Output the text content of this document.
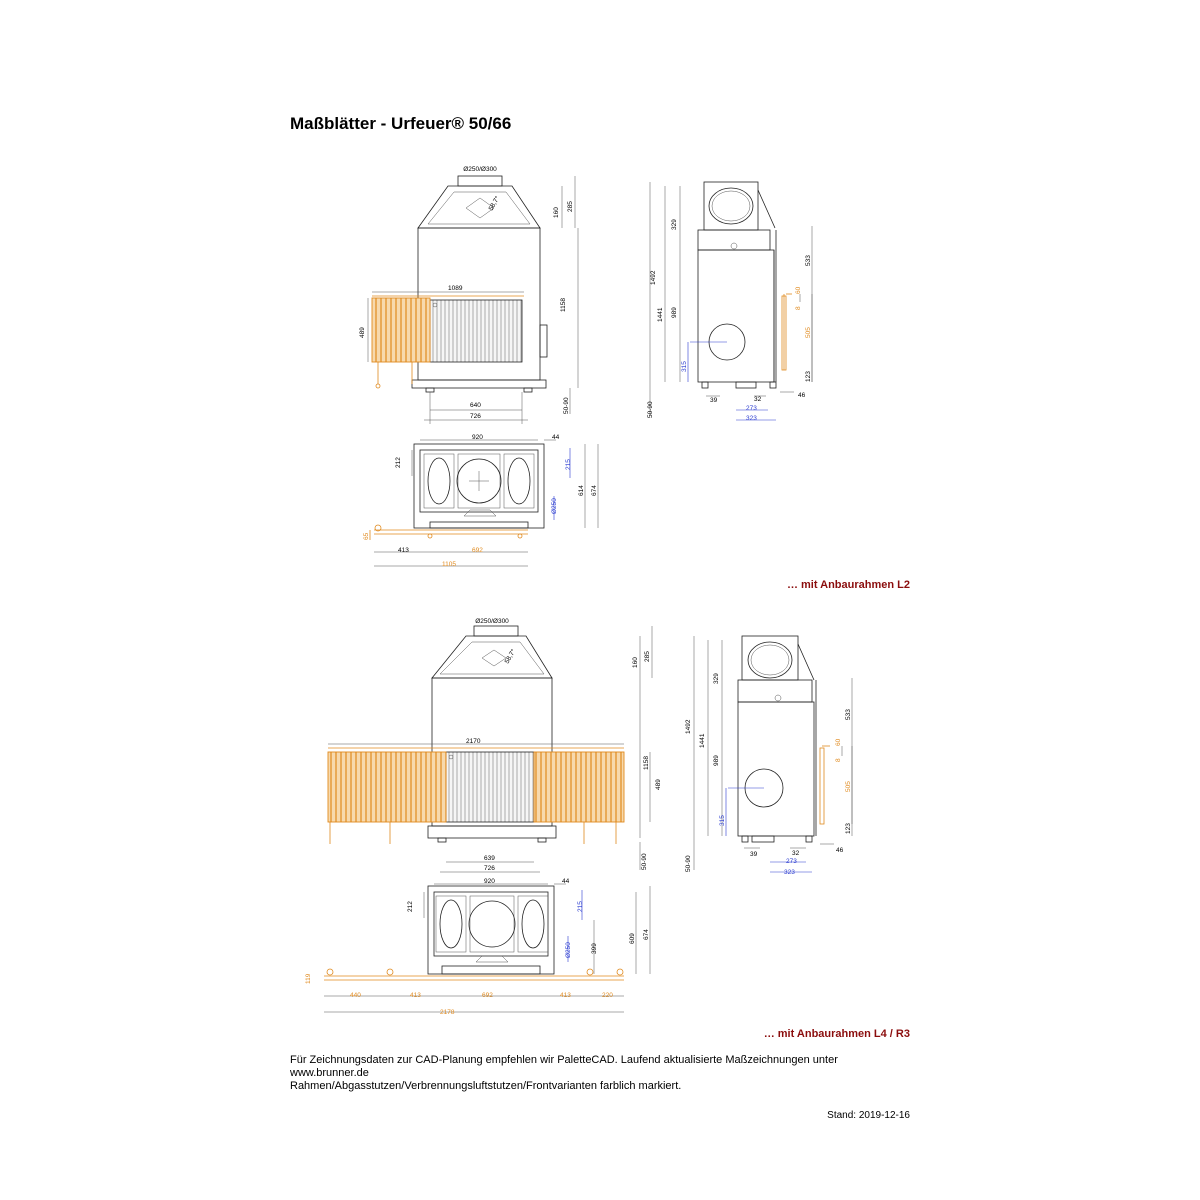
Maßblätter - Urfeuer® 50/66
Ø250/Ø300
58,7°
160
285
1089
1158
489
640
726
50-90
1492
1441
329
989
315
533
60
8
505
123
39	32
46
273
323
50-90
920	44
212	215
614 674
Ø250
65
413	692
1105
Ø250/Ø300
58,7°	160
285
2170
1158
489
639
726	50-90
1492
1441
329
989
315
533
60
8
505
123
39	32	46
273
323
50-90
920	44
212	215
609 674
Ø250	399
119
440	413	692	413	220
2178
… mit Anbaurahmen L2
… mit Anbaurahmen L4 / R3
Für Zeichnungsdaten zur CAD-Planung empfehlen wir PaletteCAD. Laufend aktualisierte Maßzeichnungen unter
www.brunner.de
Rahmen/Abgasstutzen/Verbrennungsluftstutzen/Frontvarianten farblich markiert.
Stand: 2019-12-16
